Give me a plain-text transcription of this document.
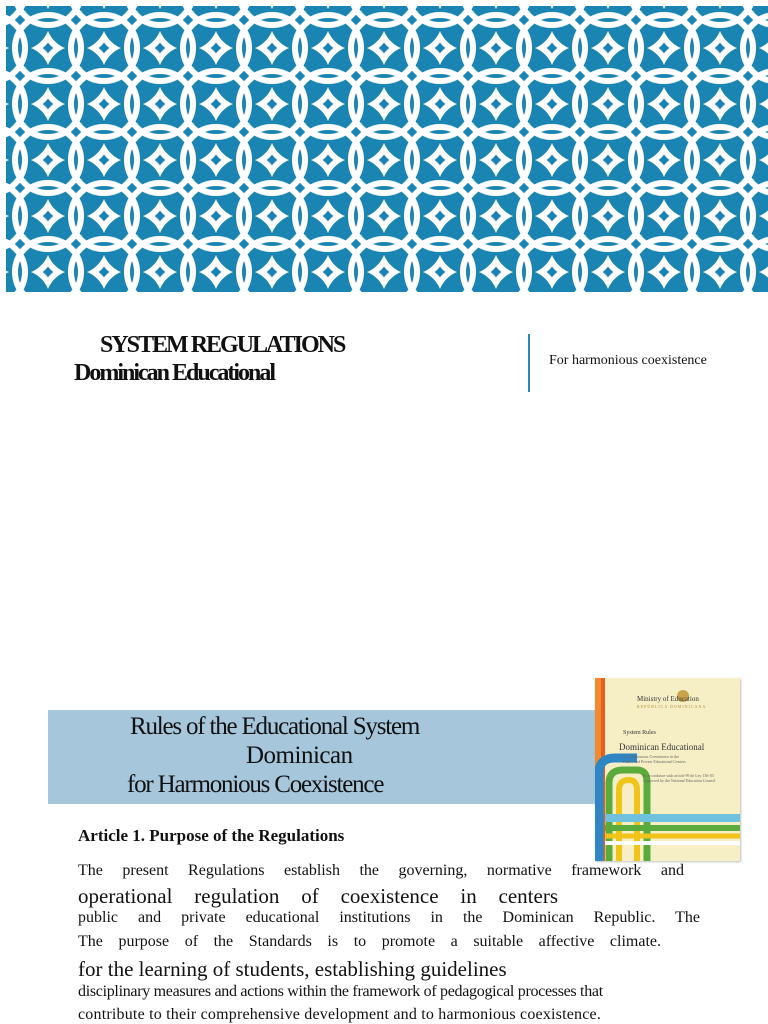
SYSTEM REGULATIONS
Dominican Educational	For harmonious coexistence
Rules of the Educational System
Dominican
for Harmonious Coexistence
Ministry of Education
REPÚBLICA DOMINICANA
System Rules
Dominican Educational
for Harmonious Coexistence in the
Public and Private Educational Centers
In accordance with article 99 de Ley 136-03
Approved by the National Education Council
Article 1. Purpose of the Regulations
The present Regulations establish the governing, normative framework and
operational regulation of coexistence in centers
public and private educational institutions in the Dominican Republic. The
The purpose of the Standards is to promote a suitable affective climate.
for the learning of students, establishing guidelines
disciplinary measures and actions within the framework of pedagogical processes that
contribute to their comprehensive development and to harmonious coexistence.
